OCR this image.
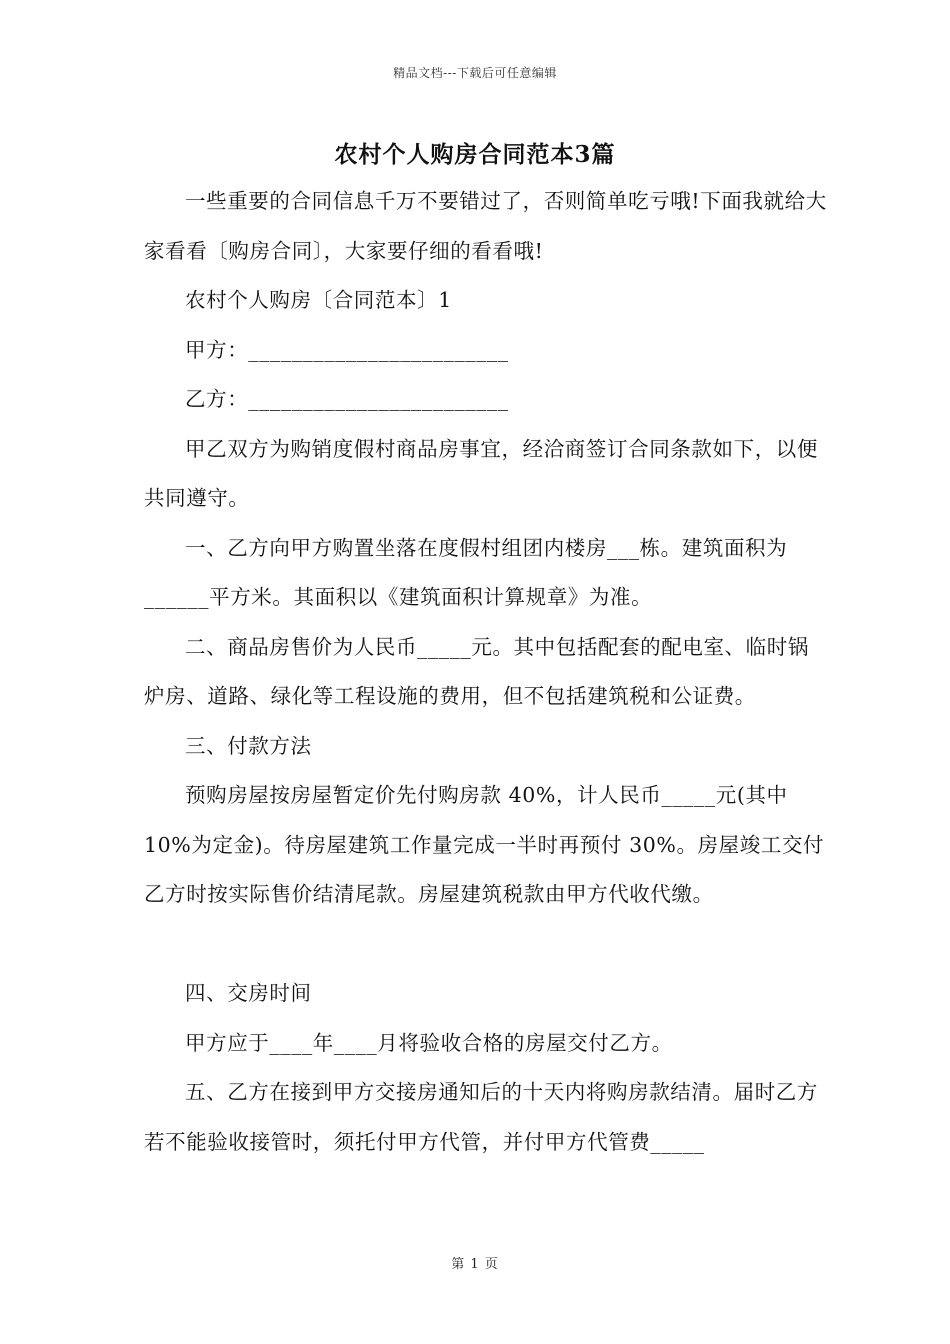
精品文档---下载后可任意编辑
农村个人购房合同范本3篇

一些重要的合同信息千万不要错过了，否则简单吃亏哦!下面我就给大家看看〔购房合同〕，大家要仔细的看看哦!

农村个人购房〔合同范本〕1

甲方：________________________

乙方：________________________

甲乙双方为购销度假村商品房事宜，经洽商签订合同条款如下，以便共同遵守。

一、乙方向甲方购置坐落在度假村组团内楼房___栋。建筑面积为______平方米。其面积以《建筑面积计算规章》为准。

二、商品房售价为人民币_____元。其中包括配套的配电室、临时锅炉房、道路、绿化等工程设施的费用，但不包括建筑税和公证费。

三、付款方法

预购房屋按房屋暂定价先付购房款 40%，计人民币_____元(其中 10%为定金)。待房屋建筑工作量完成一半时再预付 30%。房屋竣工交付乙方时按实际售价结清尾款。房屋建筑税款由甲方代收代缴。

四、交房时间

甲方应于____年____月将验收合格的房屋交付乙方。

五、乙方在接到甲方交接房通知后的十天内将购房款结清。届时乙方若不能验收接管时，须托付甲方代管，并付甲方代管费_____

第 1 页
